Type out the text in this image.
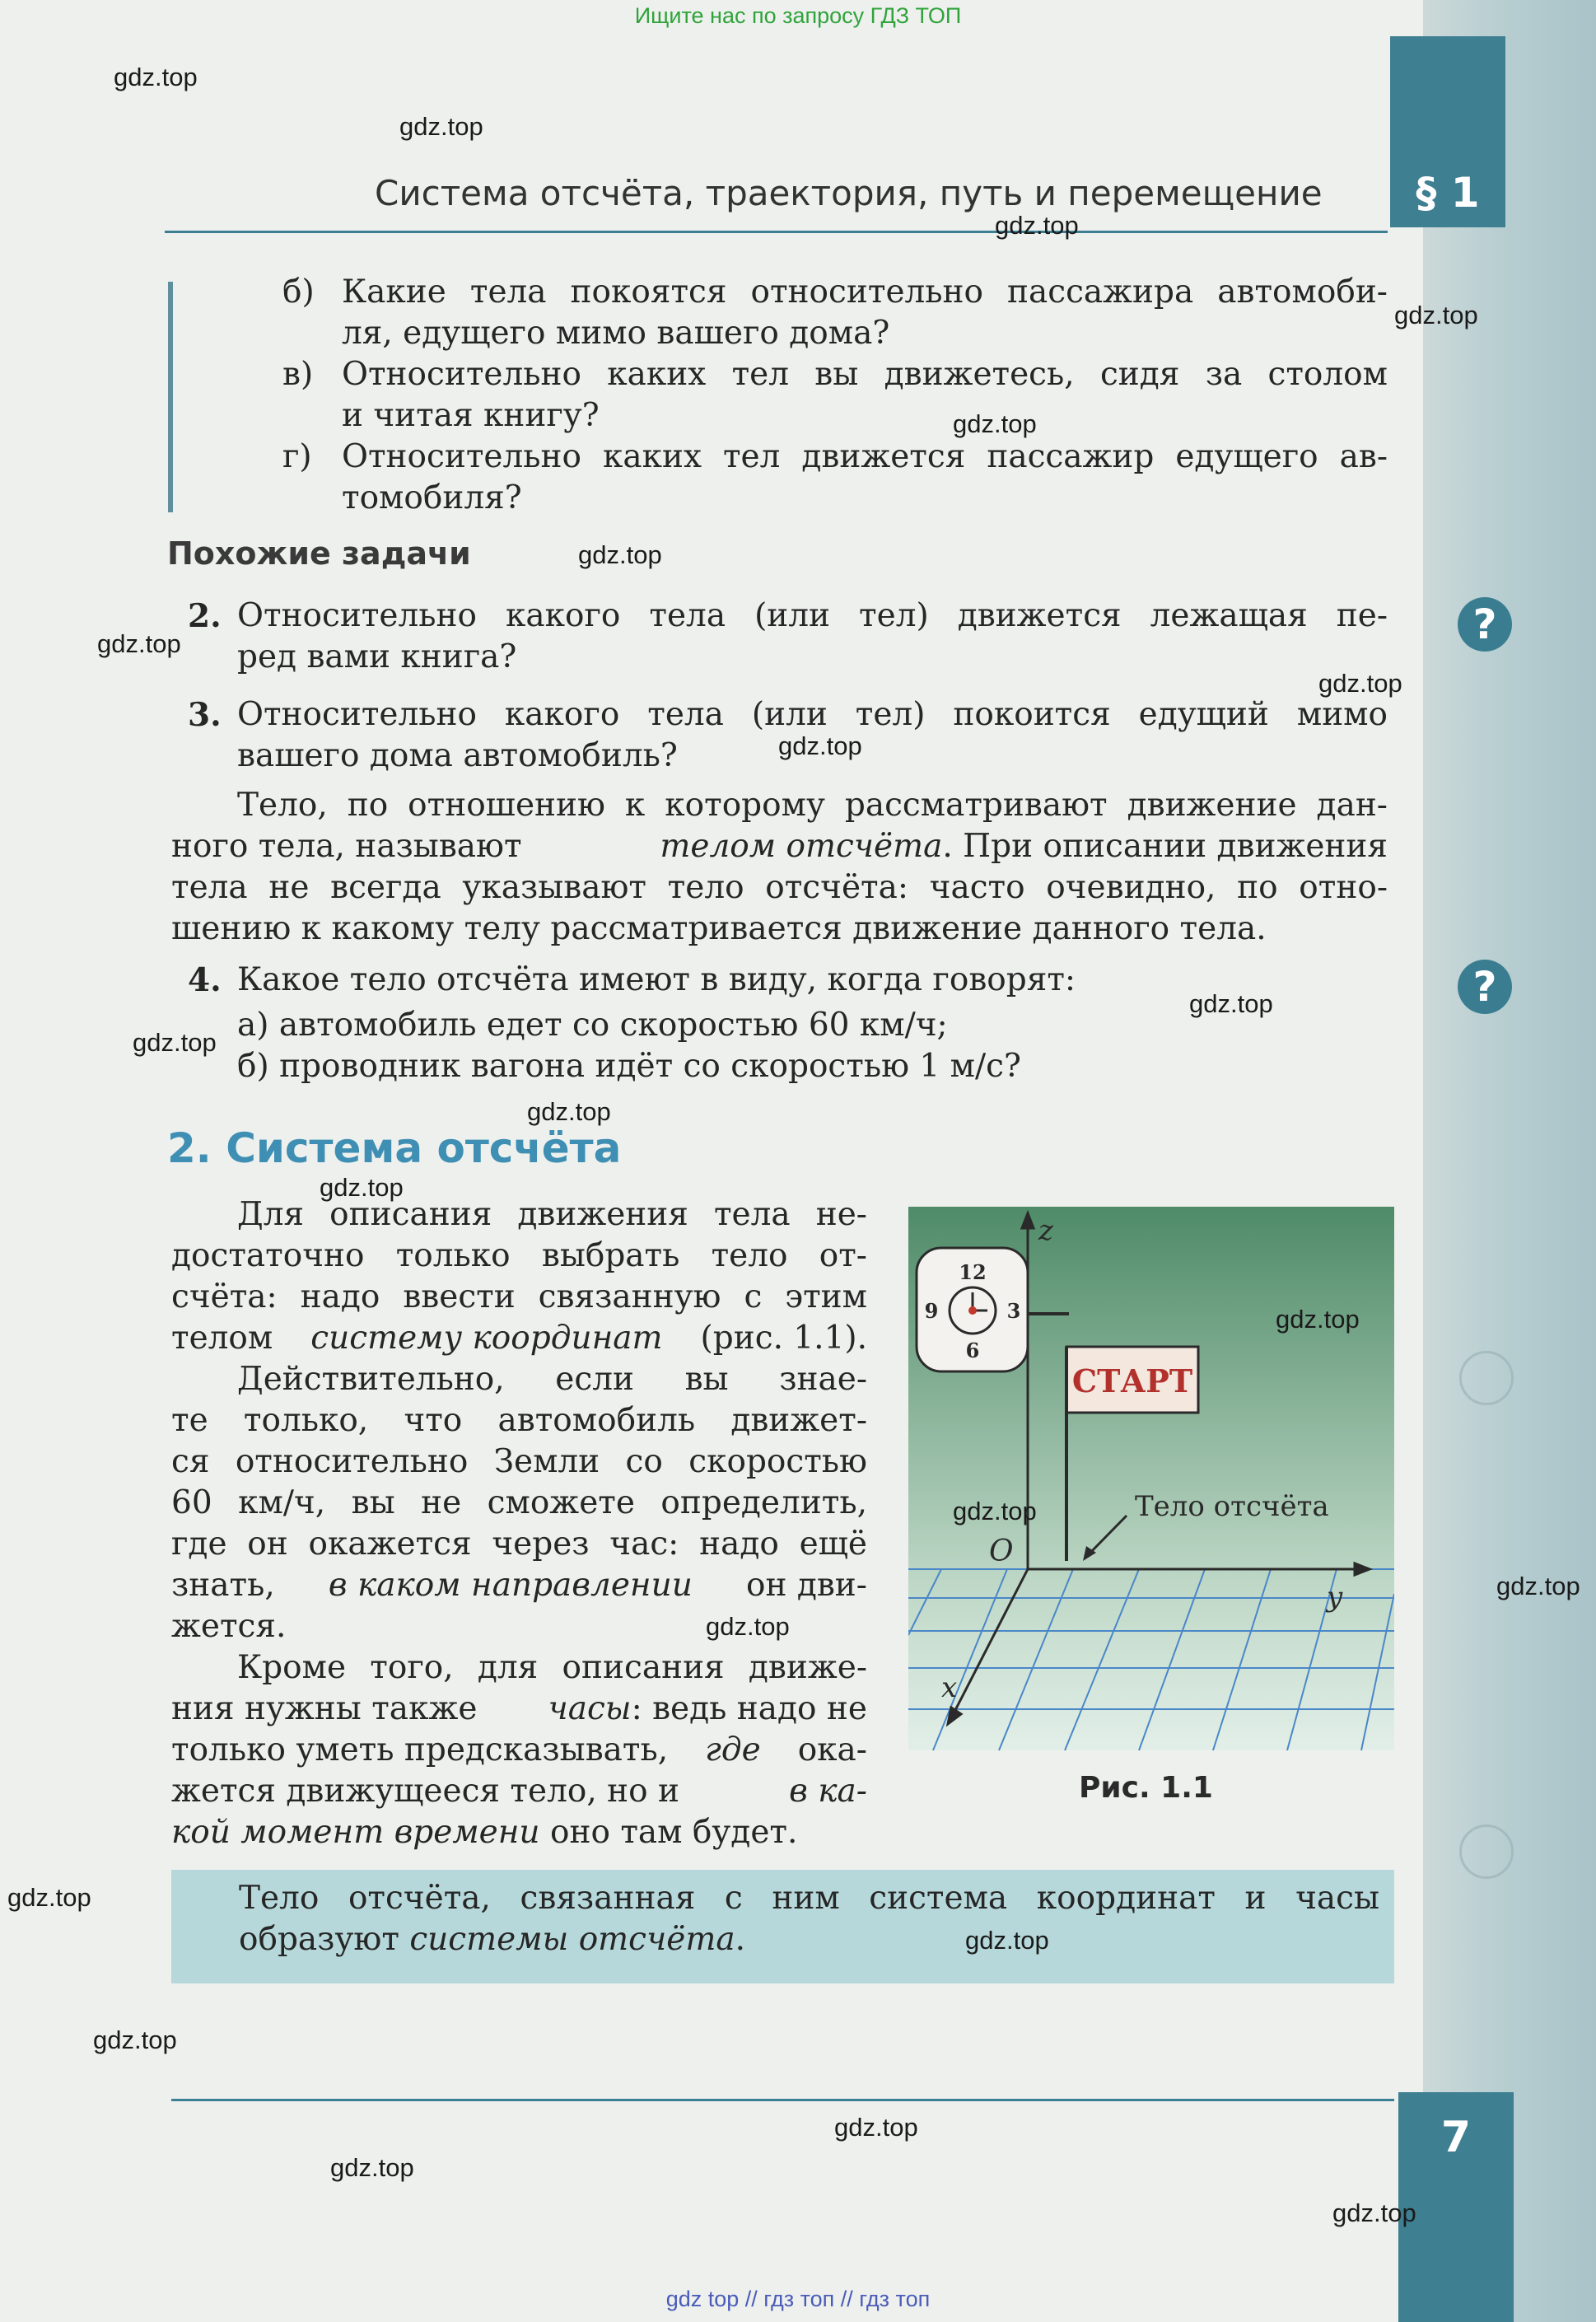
Ищите нас по запросу ГДЗ ТОП
§ 1
Система отсчёта, траектория, путь и перемещение
б) Какие тела покоятся относительно пассажира автомоби-
ля, едущего мимо вашего дома?
в) Относительно каких тел вы движетесь, сидя за столом
и читая книгу?
г) Относительно каких тел движется пассажир едущего ав-
томобиля?
Похожие задачи
2. Относительно какого тела (или тел) движется лежащая пе-
ред вами книга?
3. Относительно какого тела (или тел) покоится едущий мимо
вашего дома автомобиль?
Тело, по отношению к которому рассматривают движение дан-
ного тела, называют	телом отсчёта. При описании движения
тела не всегда указывают тело отсчёта: часто очевидно, по отно-
шению к какому телу рассматривается движение данного тела.
4. Какое тело отсчёта имеют в виду, когда говорят:
а) автомобиль едет со скоростью 60 км/ч;
б) проводник вагона идёт со скоростью 1 м/с?
2. Система отсчёта
Для описания движения тела не-
достаточно только выбрать тело от-
счёта: надо ввести связанную с этим
телом систему координат (рис. 1.1).
Действительно, если вы знае-
те только, что автомобиль движет-
ся относительно Земли со скоростью
60 км/ч, вы не сможете определить,
где он окажется через час: надо ещё
знать, в каком направлении он дви-
жется.
Кроме того, для описания движе-
ния нужны также часы: ведь надо не
только уметь предсказывать, где ока-
жется движущееся тело, но и	в ка-
кой момент времени оно там будет.
СТАРТ
12
3
6
9
z
y
x
O
Тело отсчёта
Рис. 1.1
Тело отсчёта, связанная с ним система координат и часы
образуют системы отсчёта.
?
?
7
gdz top // гдз топ // гдз топ
gdz.top
gdz.top
gdz.top
gdz.top
gdz.top
gdz.top
gdz.top
gdz.top
gdz.top
gdz.top
gdz.top
gdz.top
gdz.top
gdz.top
gdz.top
gdz.top
gdz.top
gdz.top
gdz.top
gdz.top
gdz.top
gdz.top
gdz.top
